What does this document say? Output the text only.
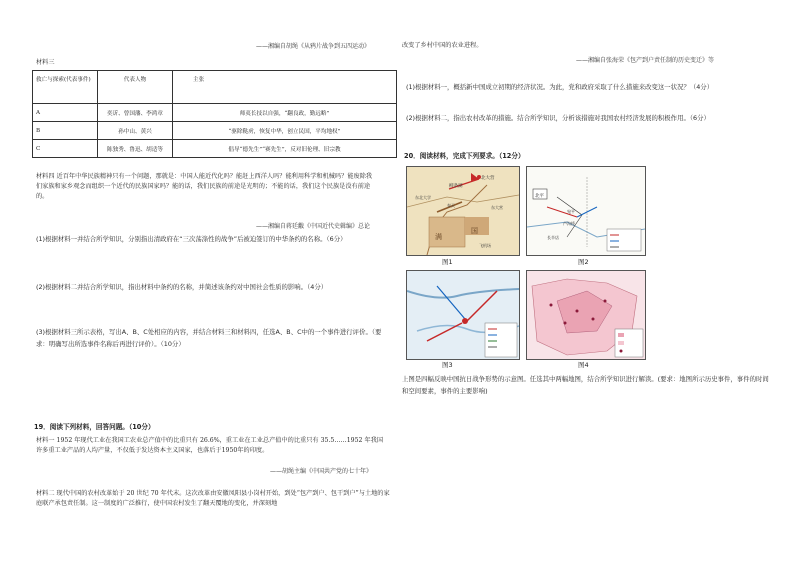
——湘编自胡绳《从鸦片战争到五四运动》
材料三
救亡与探索(代表事件)	代表人物	主张
A	奕䜣、曾国藩、李鸿章	师夷长技以自强，“翻良政，勤远略”
B	孙中山、黄兴	“驱除鞑虏，恢复中华，创立民国，平均地权”
C	陈独秀、鲁迅、胡适等	倡导“德先生”“赛先生”，反对旧伦理、旧宗教
材料四 近百年中华民族精神只有一个问题，那就是：中国人能近代化吗？能赶上西洋人吗？能利用科学和机械吗？能废除我们家族和家乡观念而组织一个近代的民族国家吗？能的话，我们民族的前途是光明的；不能的话，我们这个民族是没有前途的。
——湘编自蒋廷黻《中国近代史辑编》总论
(1)根据材料一并结合所学知识，分别指出清政府在“三次荡涤性的战争”后被迫签订的中华条约的名称。（6分）
(2)根据材料二并结合所学知识，指出材料中条约的名称，并简述该条约对中国社会性质的影响。（4分）
(3)根据材料三所示表格，写出A、B、C处相应的内容，并结合材料三和材料四，任选A、B、C中的一个事件进行评价。（要求：明确写出所选事件名称后再进行评价）。（10分）
19．阅读下列材料，回答问题。（10分）
材料一 1952 年现代工业在我国工农业总产值中的比重只有 26.6%，重工业在工业总产值中的比重只有 35.5……1952 年我国许多重工业产品的人均产量，不仅低于发达资本主义国家，也落后于1950年的印度。
——胡绳主编《中国共产党的七十年》
材料二 现代中国的农村改革始于 20 世纪 70 年代末。这次改革由安徽凤阳县小岗村开始，到处“包产到户、包干到户”与土地的家庭联产承包责任制。这一制度的广泛推行，使中国农村发生了翻天覆地的变化，并深刻地
改变了乡村中国的农业进程。
——湘编自张海荣《包产到户责任制的历史变迁》等
(1)根据材料一，概括新中国成立初期的经济状况。为此，党和政府采取了什么措施来改变这一状况？（4分）
(2)根据材料二，指出农村改革的措施。结合所学知识，分析该措施对我国农村经济发展的积极作用。（6分）
20．阅读材料，完成下列要求。（12分）
柳条湖
北大营
东北大学
奉天
满
国
东大营
飞机场
图1
北平
宛平
卢沟桥
长辛店
图2
图3	图4
上图是四幅反映中国抗日战争形势的示意图。任选其中两幅地图，结合所学知识进行解读。(要求：地图所示历史事件，事件的时间和空间要素，事件的主要影响)
